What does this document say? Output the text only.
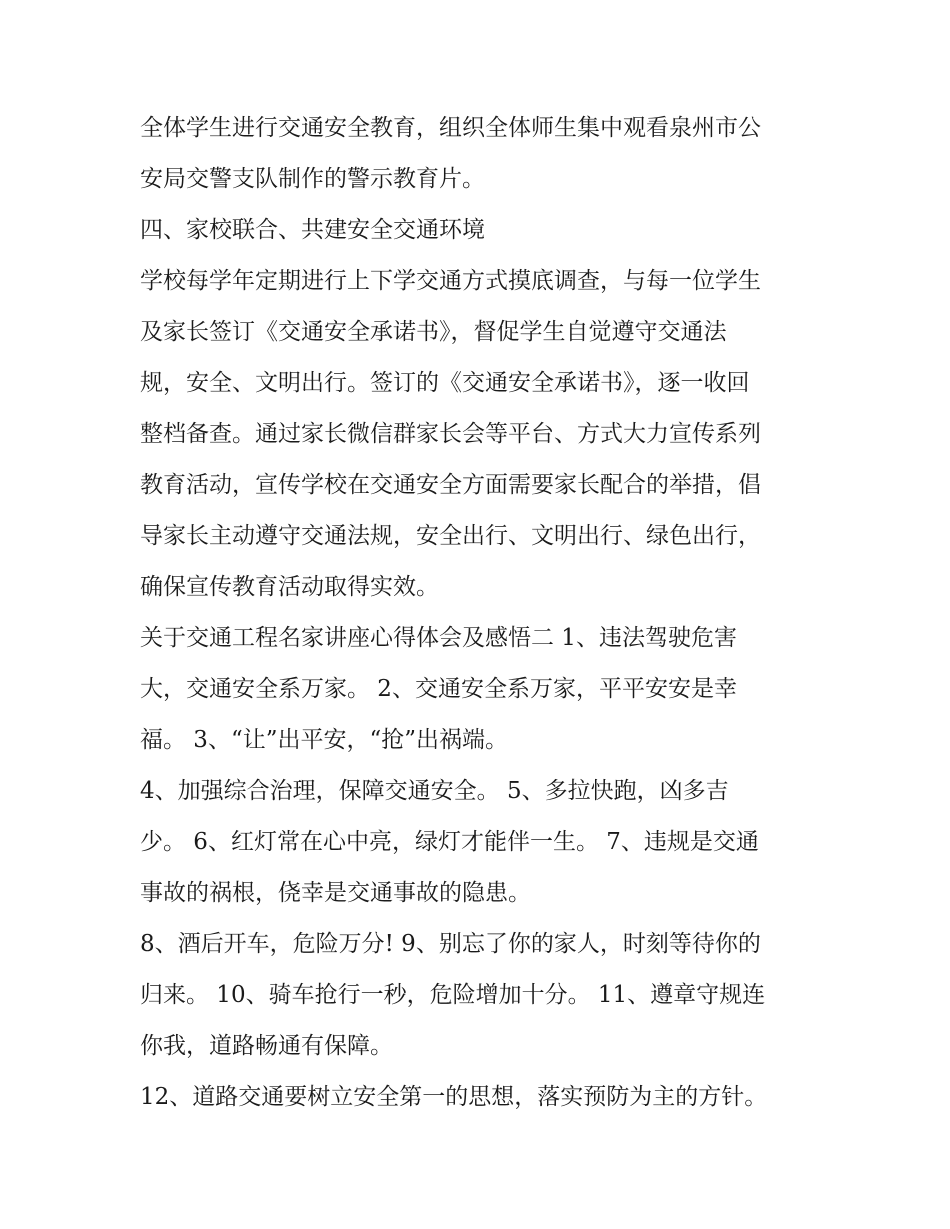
全体学生进行交通安全教育，组织全体师生集中观看泉州市公
安局交警支队制作的警示教育片。
四、家校联合、共建安全交通环境
学校每学年定期进行上下学交通方式摸底调查，与每一位学生
及家长签订《交通安全承诺书》，督促学生自觉遵守交通法
规，安全、文明出行。签订的《交通安全承诺书》，逐一收回
整档备查。通过家长微信群家长会等平台、方式大力宣传系列
教育活动，宣传学校在交通安全方面需要家长配合的举措，倡
导家长主动遵守交通法规，安全出行、文明出行、绿色出行，
确保宣传教育活动取得实效。
关于交通工程名家讲座心得体会及感悟二 1、违法驾驶危害
大，交通安全系万家。 2、交通安全系万家，平平安安是幸
福。 3、“让”出平安，“抢”出祸端。
4、加强综合治理，保障交通安全。 5、多拉快跑，凶多吉
少。 6、红灯常在心中亮，绿灯才能伴一生。 7、违规是交通
事故的祸根，侥幸是交通事故的隐患。
8、酒后开车，危险万分! 9、别忘了你的家人，时刻等待你的
归来。 10、骑车抢行一秒，危险增加十分。 11、遵章守规连
你我，道路畅通有保障。
12、道路交通要树立安全第一的思想，落实预防为主的方针。
